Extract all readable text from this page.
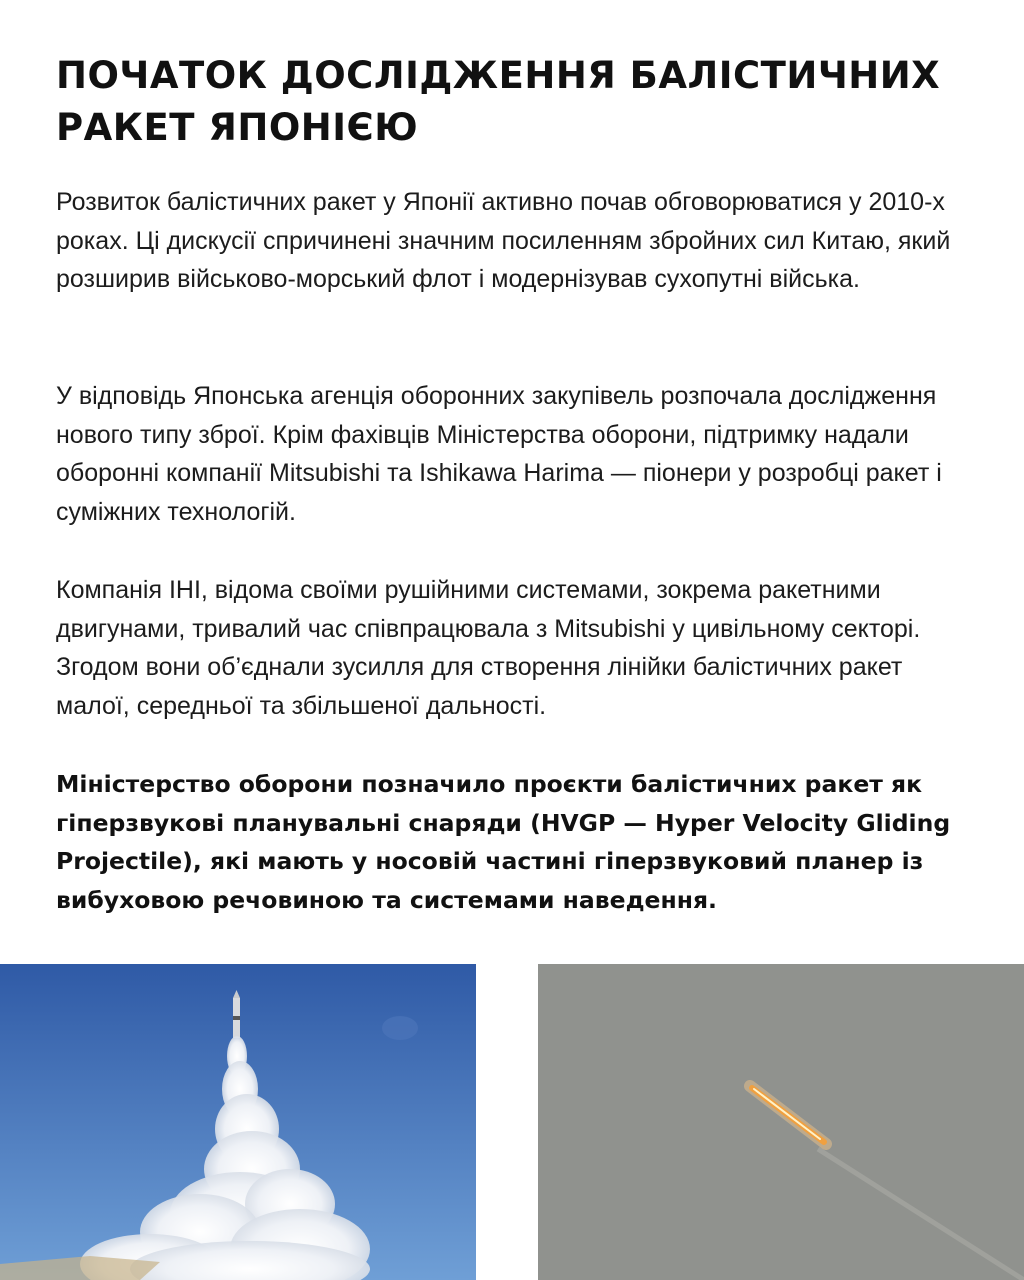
ПОЧАТОК ДОСЛІДЖЕННЯ БАЛІСТИЧНИХ РАКЕТ ЯПОНІЄЮ

Розвиток балістичних ракет у Японії активно почав обговорюватися у 2010-х роках. Ці дискусії спричинені значним посиленням збройних сил Китаю, який розширив військово-морський флот і модернізував сухопутні війська.

У відповідь Японська агенція оборонних закупівель розпочала дослідження нового типу зброї. Крім фахівців Міністерства оборони, підтримку надали оборонні компанії Mitsubishi та Ishikawa Harima — піонери у розробці ракет і суміжних технологій.

Компанія IHI, відома своїми рушійними системами, зокрема ракетними двигунами, тривалий час співпрацювала з Mitsubishi у цивільному секторі. Згодом вони об’єднали зусилля для створення лінійки балістичних ракет малої, середньої та збільшеної дальності.

Міністерство оборони позначило проєкти балістичних ракет як гіперзвукові планувальні снаряди (HVGP — Hyper Velocity Gliding Projectile), які мають у носовій частині гіперзвуковий планер із вибуховою речовиною та системами наведення.
